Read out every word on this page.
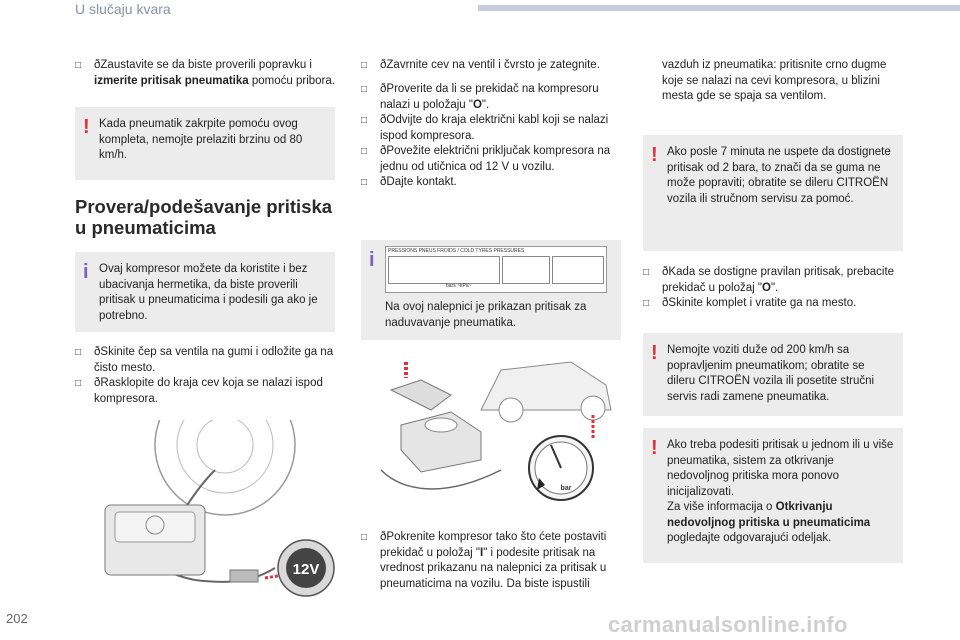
U slučaju kvara
ð □ Zaustavite se da biste proverili popravku i izmerite pritisak pneumatika pomoću pribora.
! Kada pneumatik zakrpite pomoću ovog kompleta, nemojte prelaziti brzinu od 80 km/h.
Provera/podešavanje pritiska u pneumaticima
i Ovaj kompresor možete da koristite i bez ubacivanja hermetika, da biste proverili pritisak u pneumaticima i podesili ga ako je potrebno.
ð □ Skinite čep sa ventila na gumi i odložite ga na čisto mesto.
ð □ Rasklopite do kraja cev koja se nalazi ispod kompresora.
12V
ð □ Zavrnite cev na ventil i čvrsto je zategnite.
ð □ Proverite da li se prekidač na kompresoru nalazi u položaju "O".
ð □ Odvijte do kraja električni kabl koji se nalazi ispod kompresora.
ð □ Povežite električni priključak kompresora na jednu od utičnica od 12 V u vozilu.
ð □ Dajte kontakt.
i	PRESSIONS PNEUS FROIDS / COLD TYRES PRESSURES
bars ~kPa~
Na ovoj nalepnici je prikazan pritisak za naduvavanje pneumatika.
bar
ð □ Pokrenite kompresor tako što ćete postaviti prekidač u položaj "I" i podesite pritisak na vrednost prikazanu na nalepnici za pritisak u pneumaticima na vozilu. Da biste ispustili
vazduh iz pneumatika: pritisnite crno dugme koje se nalazi na cevi kompresora, u blizini mesta gde se spaja sa ventilom.
! Ako posle 7 minuta ne uspete da dostignete pritisak od 2 bara, to znači da se guma ne može popraviti; obratite se dileru CITROËN vozila ili stručnom servisu za pomoć.
ð □ Kada se dostigne pravilan pritisak, prebacite prekidač u položaj "O".
ð □ Skinite komplet i vratite ga na mesto.
! Nemojte voziti duže od 200 km/h sa popravljenim pneumatikom; obratite se dileru CITROËN vozila ili posetite stručni servis radi zamene pneumatika.
! Ako treba podesiti pritisak u jednom ili u više pneumatika, sistem za otkrivanje nedovoljnog pritiska mora ponovo inicijalizovati.
Za više informacija o Otkrivanju nedovoljnog pritiska u pneumaticima pogledajte odgovarajući odeljak.
202	carmanualsonline.info
